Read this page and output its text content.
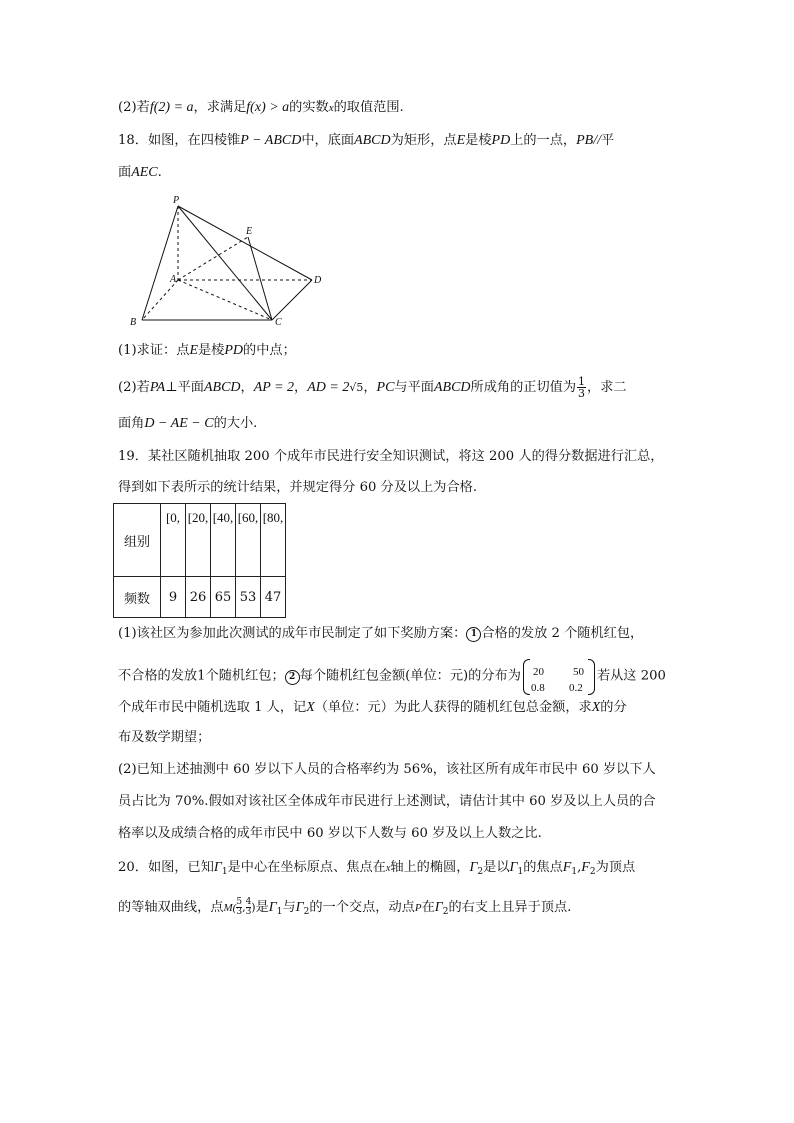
(2)若f(2) = a，求满足f(x) > a的实数x的取值范围.
18．如图，在四棱锥P − ABCD中，底面ABCD为矩形，点E是棱PD上的一点，PB//平
面AEC.
P
E
A	D
B	C
(1)求证：点E是棱PD的中点；
(2)若PA⊥平面ABCD，AP = 2，AD = 2√5，PC与平面ABCD所成角的正切值为 $\frac{1}{3}$ ，求二
面角D − AE − C的大小.
19．某社区随机抽取 200 个成年市民进行安全知识测试，将这 200 人的得分数据进行汇总，
得到如下表所示的统计结果，并规定得分 60 分及以上为合格.
组别	[0,	[20,	[40,	[60,	[80,

频数	9	26	65	53	47
(1)该社区为参加此次测试的成年市民制定了如下奖励方案： 1 合格的发放 2 个随机红包，
不合格的发放1个随机红包； 2 每个随机红包金额(单位：元)的分布为 20	50
0.8 0.2
若从这 200
个成年市民中随机选取 1 人，记X（单位：元）为此人获得的随机红包总金额，求X的分
布及数学期望；
(2)已知上述抽测中 60 岁以下人员的合格率约为 56%，该社区所有成年市民中 60 岁以下人
员占比为 70%.假如对该社区全体成年市民进行上述测试，请估计其中 60 岁及以上人员的合
格率以及成绩合格的成年市民中 60 岁以下人数与 60 岁及以上人数之比.
20．如图，已知$\Gamma_1$是中心在坐标原点、焦点在x轴上的椭圆，$\Gamma_2$是以$\Gamma_1$的焦点$F_1,F_2$为顶点
的等轴双曲线，点$M( \frac{5}{3}$ , $\frac{4}{3}$ )是$\Gamma_1$与$\Gamma_2$的一个交点，动点P在$\Gamma_2$的右支上且异于顶点.
